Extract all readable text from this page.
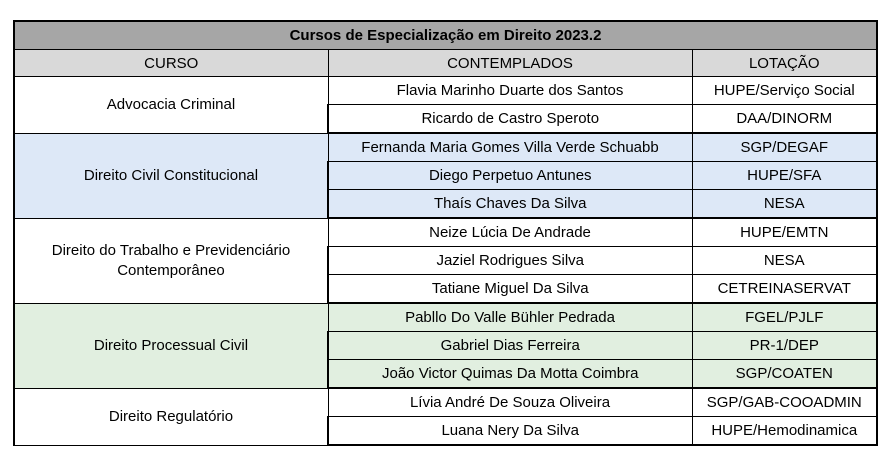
Cursos de Especialização em Direito 2023.2		
CURSO	CONTEMPLADOS	LOTAÇÃO
Advocacia Criminal	Flavia Marinho Duarte dos Santos	HUPE/Serviço Social
	Ricardo de Castro Speroto	DAA/DINORM
Direito Civil Constitucional	Fernanda Maria Gomes Villa Verde Schuabb	SGP/DEGAF
	Diego Perpetuo Antunes	HUPE/SFA
	Thaís Chaves Da Silva	NESA
Direito do Trabalho e Previdenciário Contemporâneo	Neize Lúcia De Andrade	HUPE/EMTN
	Jaziel Rodrigues Silva	NESA
	Tatiane Miguel Da Silva	CETREINASERVAT
Direito Processual Civil	Pabllo Do Valle Bühler Pedrada	FGEL/PJLF
	Gabriel Dias Ferreira	PR-1/DEP
	João Victor Quimas Da Motta Coimbra	SGP/COATEN
Direito Regulatório	Lívia André De Souza Oliveira	SGP/GAB-COOADMIN
	Luana Nery Da Silva	HUPE/Hemodinamica
